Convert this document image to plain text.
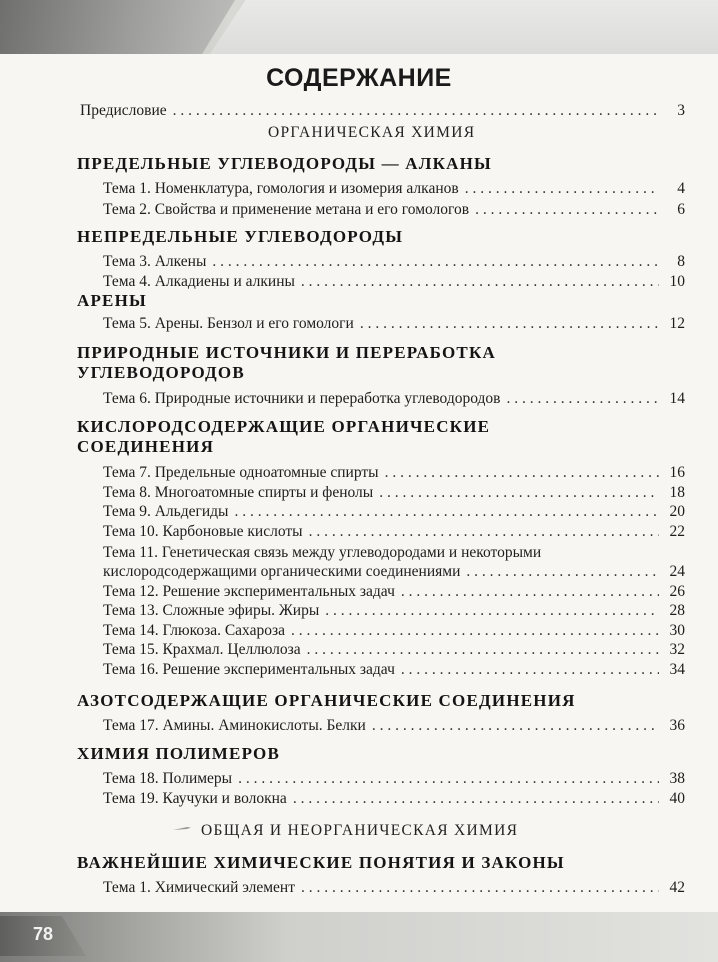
СОДЕРЖАНИЕ
Предисловие . . .	3
ОРГАНИЧЕСКАЯ ХИМИЯ
ПРЕДЕЛЬНЫЕ УГЛЕВОДОРОДЫ — АЛКАНЫ
Тема 1. Номенклатура, гомология и изомерия алканов . . .	4
Тема 2. Свойства и применение метана и его гомологов . . .	6
НЕПРЕДЕЛЬНЫЕ УГЛЕВОДОРОДЫ
Тема 3. Алкены . . .	8
Тема 4. Алкадиены и алкины . . .	10
АРЕНЫ
Тема 5. Арены. Бензол и его гомологи . . .	12
ПРИРОДНЫЕ ИСТОЧНИКИ И ПЕРЕРАБОТКА
УГЛЕВОДОРОДОВ
Тема 6. Природные источники и переработка углеводородов . . .	14
КИСЛОРОДСОДЕРЖАЩИЕ ОРГАНИЧЕСКИЕ
СОЕДИНЕНИЯ
Тема 7. Предельные одноатомные спирты . . .	16
Тема 8. Многоатомные спирты и фенолы . . .	18
Тема 9. Альдегиды . . .	20
Тема 10. Карбоновые кислоты . . .	22
Тема 11. Генетическая связь между углеводородами и некоторыми
кислородсодержащими органическими соединениями . . .	24
Тема 12. Решение экспериментальных задач . . .	26
Тема 13. Сложные эфиры. Жиры . . .	28
Тема 14. Глюкоза. Сахароза . . .	30
Тема 15. Крахмал. Целлюлоза . . .	32
Тема 16. Решение экспериментальных задач . . .	34
АЗОТСОДЕРЖАЩИЕ ОРГАНИЧЕСКИЕ СОЕДИНЕНИЯ
Тема 17. Амины. Аминокислоты. Белки . . .	36
ХИМИЯ ПОЛИМЕРОВ
Тема 18. Полимеры . . .	38
Тема 19. Каучуки и волокна . . .	40
ОБЩАЯ И НЕОРГАНИЧЕСКАЯ ХИМИЯ
ВАЖНЕЙШИЕ ХИМИЧЕСКИЕ ПОНЯТИЯ И ЗАКОНЫ
Тема 1. Химический элемент . . .	42
78
